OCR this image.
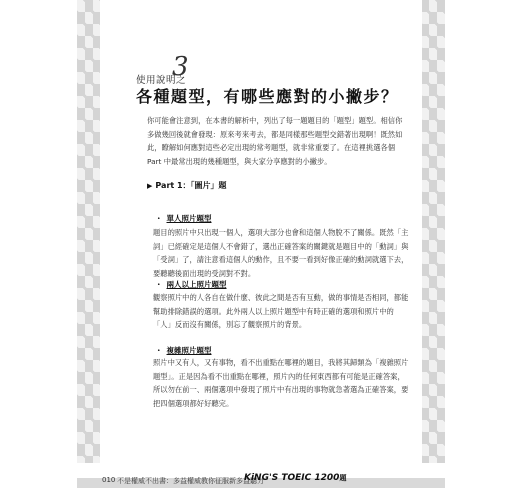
使用說明之
3
各種題型，有哪些應對的小撇步？

你可能會注意到，在本書的解析中，列出了每一題題目的「題型」題型。相信你多做幾回後就會發現：原來考來考去，都是同樣那些題型交錯著出現啊！既然如此，瞭解如何應對這些必定出現的常考題型，就非常重要了。在這裡挑選各個 Part 中最常出現的幾種題型，與大家分享應對的小撇步。

▶ Part 1：「圖片」題
・ 單人照片題型

題目的照片中只出現一個人，選項大部分也會和這個人物脫不了關係。既然「主詞」已經確定是這個人不會錯了，選出正確答案的關鍵就是題目中的「動詞」與「受詞」了，請注意看這個人的動作，且不要一看到好像正確的動詞就選下去，要聽聽後面出現的受詞對不對。

・ 兩人以上照片題型

觀察照片中的人各自在做什麼、彼此之間是否有互動，做的事情是否相同，都能幫助排除錯誤的選項。此外兩人以上照片題型中有時正確的選項和照片中的「人」反而沒有關係，別忘了觀察照片的背景。

・ 複雜照片題型

照片中又有人，又有事物，看不出重點在哪裡的題目，我將其歸類為「複雜照片題型」。正是因為看不出重點在哪裡，照片內的任何東西都有可能是正確答案，所以勿在前一、兩個選項中發現了照片中有出現的事物就急著選為正確答案，要把四個選項都好好聽完。

010 不是權威不出書：多益權威教你征服新多益聽力
KiNG'S TOEIC 1200題
